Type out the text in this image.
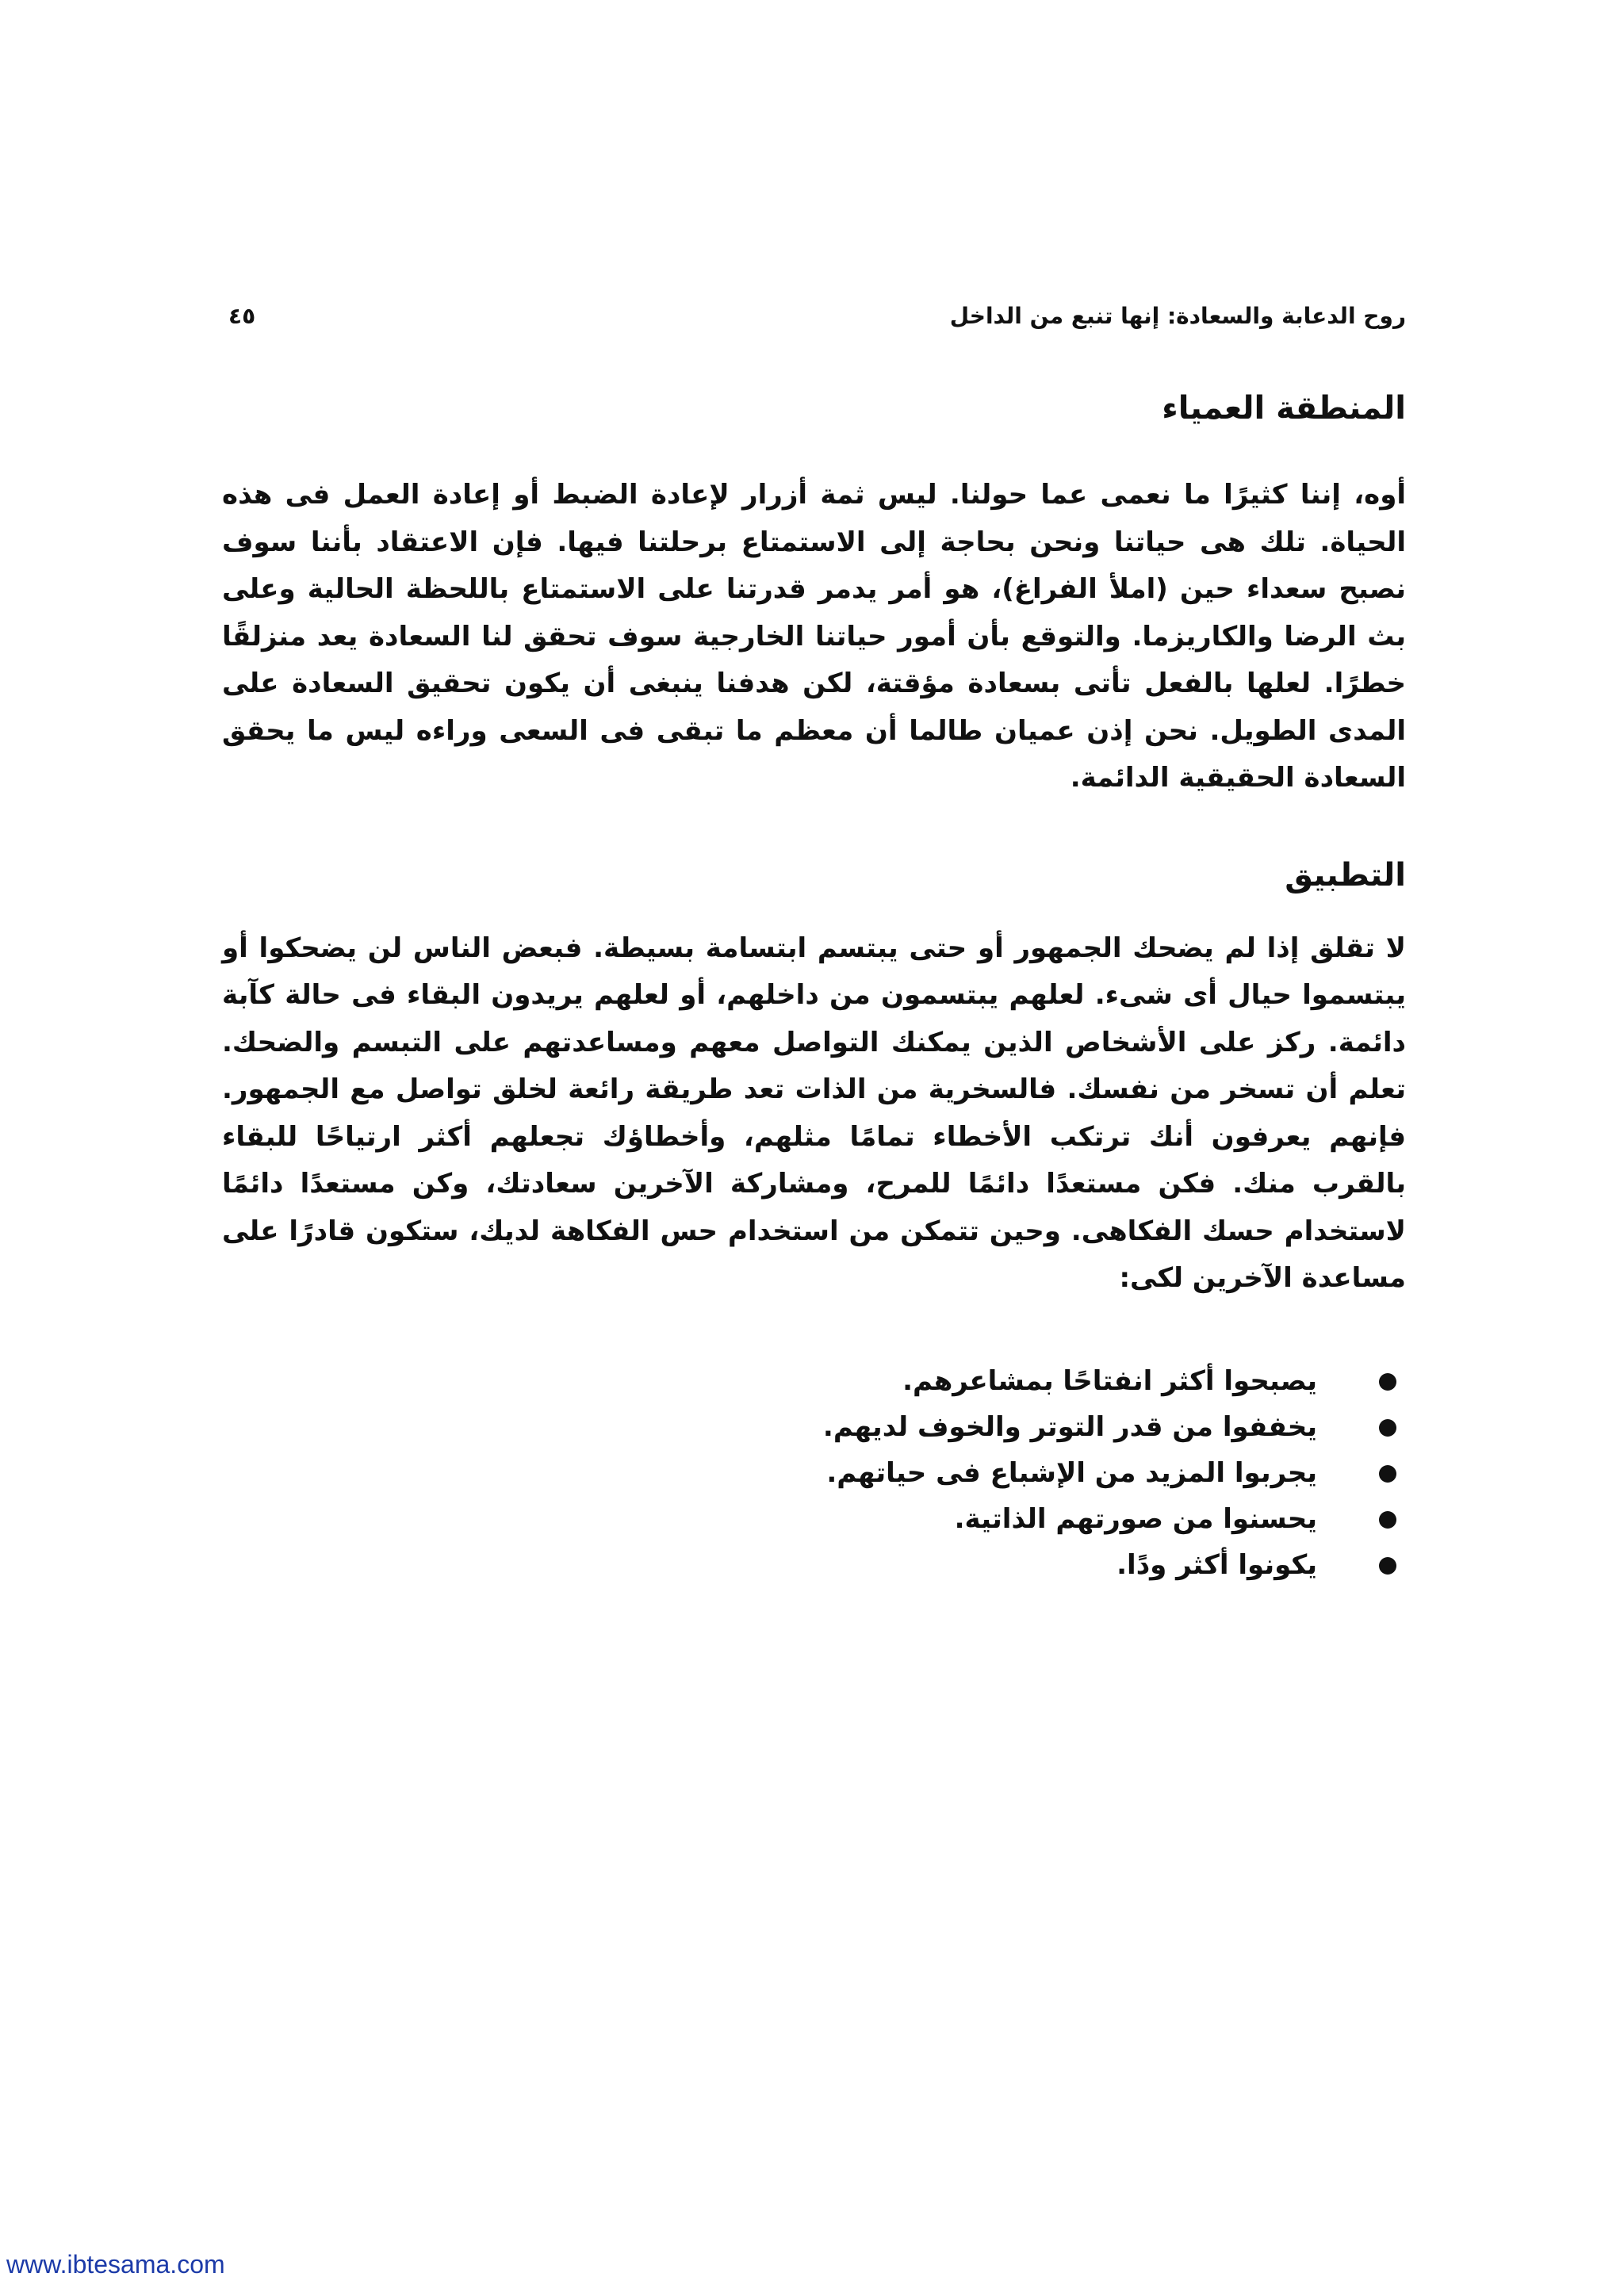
روح الدعابة والسعادة: إنها تنبع من الداخل
٤٥
المنطقة العمياء

أوه، إننا كثيرًا ما نعمى عما حولنا. ليس ثمة أزرار لإعادة الضبط أو إعادة العمل فى هذه الحياة. تلك هى حياتنا ونحن بحاجة إلى الاستمتاع برحلتنا فيها. فإن الاعتقاد بأننا سوف نصبح سعداء حين (املأ الفراغ)، هو أمر يدمر قدرتنا على الاستمتاع باللحظة الحالية وعلى بث الرضا والكاريزما. والتوقع بأن أمور حياتنا الخارجية سوف تحقق لنا السعادة يعد منزلقًا خطرًا. لعلها بالفعل تأتى بسعادة مؤقتة، لكن هدفنا ينبغى أن يكون تحقيق السعادة على المدى الطويل. نحن إذن عميان طالما أن معظم ما تبقى فى السعى وراءه ليس ما يحقق السعادة الحقيقية الدائمة.

التطبيق

لا تقلق إذا لم يضحك الجمهور أو حتى يبتسم ابتسامة بسيطة. فبعض الناس لن يضحكوا أو يبتسموا حيال أى شىء. لعلهم يبتسمون من داخلهم، أو لعلهم يريدون البقاء فى حالة كآبة دائمة. ركز على الأشخاص الذين يمكنك التواصل معهم ومساعدتهم على التبسم والضحك. تعلم أن تسخر من نفسك. فالسخرية من الذات تعد طريقة رائعة لخلق تواصل مع الجمهور. فإنهم يعرفون أنك ترتكب الأخطاء تمامًا مثلهم، وأخطاؤك تجعلهم أكثر ارتياحًا للبقاء بالقرب منك. فكن مستعدًا دائمًا للمرح، ومشاركة الآخرين سعادتك، وكن مستعدًا دائمًا لاستخدام حسك الفكاهى. وحين تتمكن من استخدام حس الفكاهة لديك، ستكون قادرًا على مساعدة الآخرين لكى:

يصبحوا أكثر انفتاحًا بمشاعرهم.
يخففوا من قدر التوتر والخوف لديهم.
يجربوا المزيد من الإشباع فى حياتهم.
يحسنوا من صورتهم الذاتية.
يكونوا أكثر ودًا.
www.ibtesama.com
